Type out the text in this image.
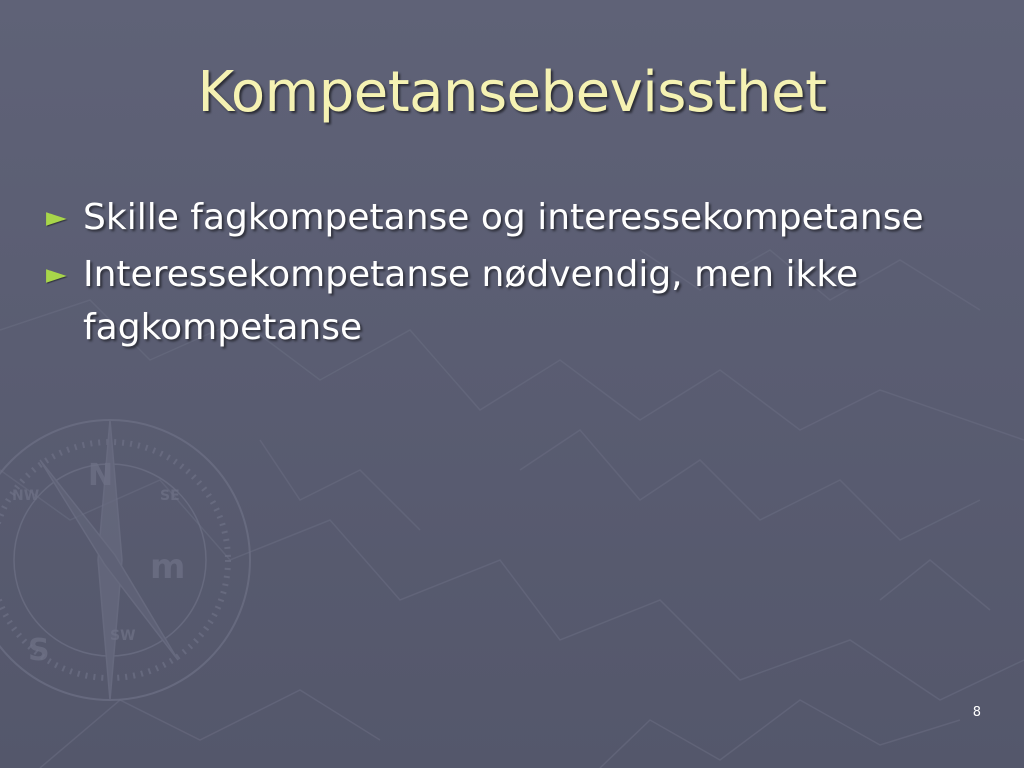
N
S
m
NW	SE
SW
Kompetansebevissthet
► Skille fagkompetanse og interessekompetanse
► Interessekompetanse nødvendig, men ikke fagkompetanse
8
